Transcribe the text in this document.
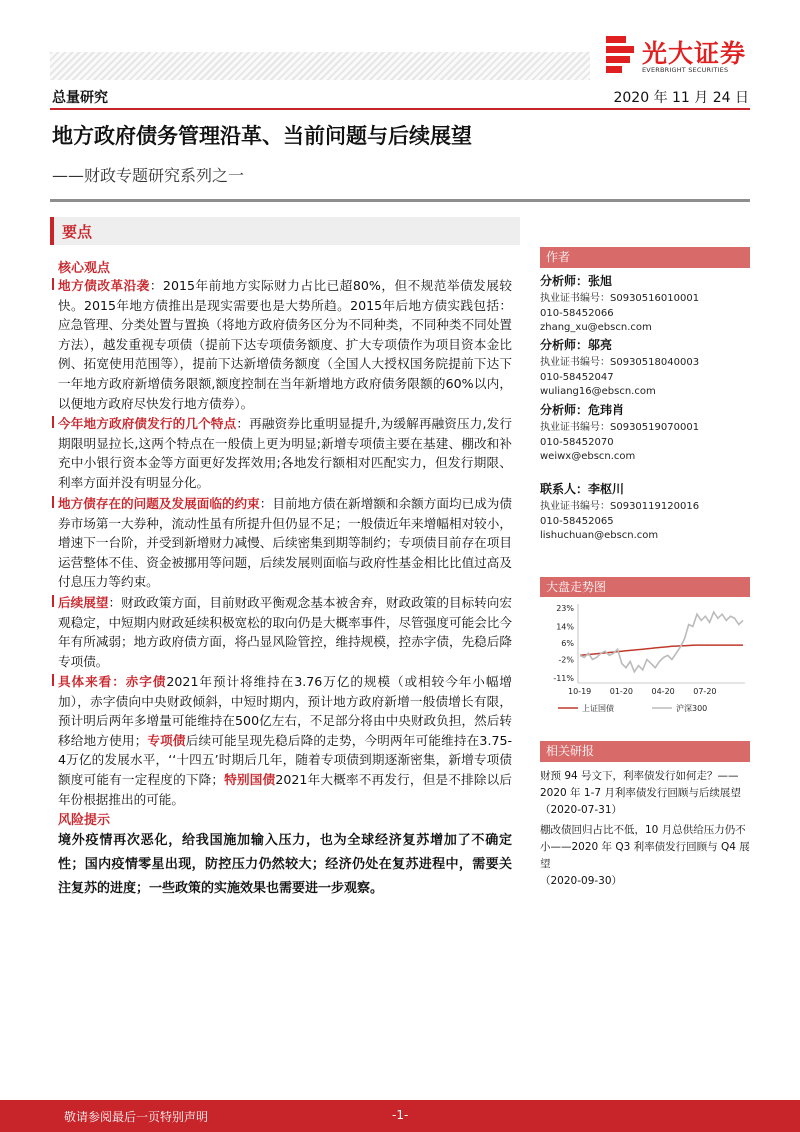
光大证券
EVERBRIGHT SECURITIES
总量研究	2020 年 11 月 24 日
地方政府债务管理沿革、当前问题与后续展望
——财政专题研究系列之一
要点
核心观点
地方债改革沿袭：2015年前地方实际财力占比已超80%，但不规范举债发展较快。2015年地方债推出是现实需要也是大势所趋。2015年后地方债实践包括：应急管理、分类处置与置换（将地方政府债务区分为不同种类，不同种类不同处置方法），越发重视专项债（提前下达专项债务额度、扩大专项债作为项目资本金比例、拓宽使用范围等），提前下达新增债务额度（全国人大授权国务院提前下达下一年地方政府新增债务限额,额度控制在当年新增地方政府债务限额的60%以内，以便地方政府尽快发行地方债券）。
今年地方政府债发行的几个特点：再融资券比重明显提升,为缓解再融资压力,发行期限明显拉长,这两个特点在一般债上更为明显;新增专项债主要在基建、棚改和补充中小银行资本金等方面更好发挥效用;各地发行额相对匹配实力，但发行期限、利率方面并没有明显分化。
地方债存在的问题及发展面临的约束：目前地方债在新增额和余额方面均已成为债券市场第一大券种，流动性虽有所提升但仍显不足；一般债近年来增幅相对较小，增速下一台阶，并受到新增财力减慢、后续密集到期等制约；专项债目前存在项目运营整体不佳、资金被挪用等问题，后续发展则面临与政府性基金相比比值过高及付息压力等约束。
后续展望：财政政策方面，目前财政平衡观念基本被舍弃，财政政策的目标转向宏观稳定，中短期内财政延续积极宽松的取向仍是大概率事件，尽管强度可能会比今年有所减弱；地方政府债方面，将凸显风险管控，维持规模，控赤字债，先稳后降专项债。
具体来看：赤字债2021年预计将维持在3.76万亿的规模（或相较今年小幅增加），赤字债向中央财政倾斜，中短时期内，预计地方政府新增一般债增长有限，预计明后两年多增量可能维持在500亿左右，不足部分将由中央财政负担，然后转移给地方使用；专项债后续可能呈现先稳后降的走势，今明两年可能维持在3.75-4万亿的发展水平，‘‘十四五’时期后几年，随着专项债到期逐渐密集，新增专项债额度可能有一定程度的下降；特别国债2021年大概率不再发行，但是不排除以后年份根据推出的可能。
风险提示
境外疫情再次恶化，给我国施加输入压力，也为全球经济复苏增加了不确定性；国内疫情零星出现，防控压力仍然较大；经济仍处在复苏进程中，需要关注复苏的进度；一些政策的实施效果也需要进一步观察。
作者
分析师：张旭
执业证书编号：S0930516010001
010-58452066
zhang_xu@ebscn.com
分析师：邬亮
执业证书编号：S0930518040003
010-58452047
wuliang16@ebscn.com
分析师：危玮肖
执业证书编号：S0930519070001
010-58452070
weiwx@ebscn.com
联系人：李枢川
执业证书编号：S0930119120016
010-58452065
lishuchuan@ebscn.com
大盘走势图
23%
14%
6%
-2%
-11%
10-19 01-20 04-20 07-20
上证国债	沪深300
相关研报
财预 94 号文下，利率债发行如何走？——2020 年 1-7 月利率债发行回顾与后续展望
（2020-07-31）
棚改债回归占比不低，10 月总供给压力仍不小——2020 年 Q3 利率债发行回顾与 Q4 展望
（2020-09-30）
敬请参阅最后一页特别声明	-1-
